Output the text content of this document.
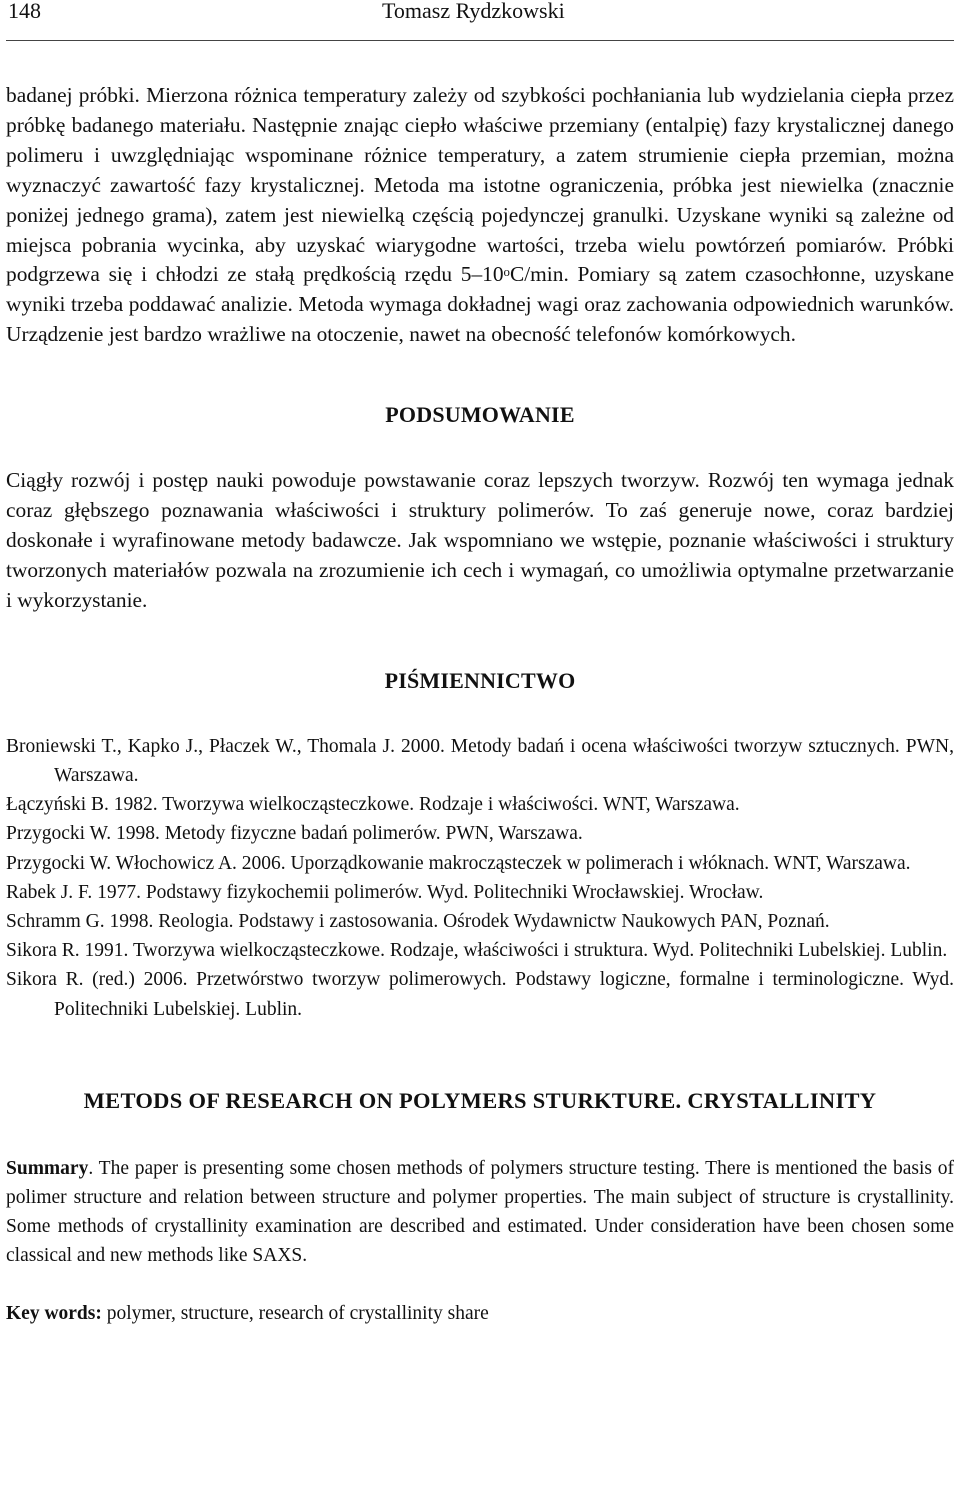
148	Tomasz Rydzkowski

badanej próbki. Mierzona różnica temperatury zależy od szybkości pochłaniania lub wydzielania ciepła przez próbkę badanego materiału. Następnie znając ciepło właściwe przemiany (entalpię) fazy krystalicznej danego polimeru i uwzględniając wspominane różnice temperatury, a zatem strumienie ciepła przemian, można wyznaczyć zawartość fazy krystalicznej. Metoda ma istotne ograniczenia, próbka jest niewielka (znacznie poniżej jednego grama), zatem jest niewielką częścią pojedynczej granulki. Uzyskane wyniki są zależne od miejsca pobrania wycinka, aby uzyskać wiarygodne wartości, trzeba wielu powtórzeń pomiarów. Próbki podgrzewa się i chłodzi ze stałą prędkością rzędu 5–10$^o$C/min. Pomiary są zatem czasochłonne, uzyskane wyniki trzeba poddawać analizie. Metoda wymaga dokładnej wagi oraz zachowania odpowiednich warunków. Urządzenie jest bardzo wrażliwe na otoczenie, nawet na obecność telefonów komórkowych.

PODSUMOWANIE

Ciągły rozwój i postęp nauki powoduje powstawanie coraz lepszych tworzyw. Rozwój ten wymaga jednak coraz głębszego poznawania właściwości i struktury polimerów. To zaś generuje nowe, coraz bardziej doskonałe i wyrafinowane metody badawcze. Jak wspomniano we wstępie, poznanie właściwości i struktury tworzonych materiałów pozwala na zrozumienie ich cech i wymagań, co umożliwia optymalne przetwarzanie i wykorzystanie.

PIŚMIENNICTWO

Broniewski T., Kapko J., Płaczek W., Thomala J. 2000. Metody badań i ocena właściwości tworzyw sztucznych. PWN, Warszawa.

Łączyński B. 1982. Tworzywa wielkocząsteczkowe. Rodzaje i właściwości. WNT, Warszawa.

Przygocki W. 1998. Metody fizyczne badań polimerów. PWN, Warszawa.

Przygocki W. Włochowicz A. 2006. Uporządkowanie makrocząsteczek w polimerach i włóknach. WNT, Warszawa.

Rabek J. F. 1977. Podstawy fizykochemii polimerów. Wyd. Politechniki Wrocławskiej. Wrocław.

Schramm G. 1998. Reologia. Podstawy i zastosowania. Ośrodek Wydawnictw Naukowych PAN, Poznań.

Sikora R. 1991. Tworzywa wielkocząsteczkowe. Rodzaje, właściwości i struktura. Wyd. Politechniki Lubelskiej. Lublin.

Sikora R. (red.) 2006. Przetwórstwo tworzyw polimerowych. Podstawy logiczne, formalne i terminologiczne. Wyd. Politechniki Lubelskiej. Lublin.

METODS OF RESEARCH ON POLYMERS STURKTURE. CRYSTALLINITY

Summary. The paper is presenting some chosen methods of polymers structure testing. There is mentioned the basis of polimer structure and relation between structure and polymer properties. The main subject of structure is crystallinity. Some methods of crystallinity examination are described and estimated. Under consideration have been chosen some classical and new methods like SAXS.

Key words: polymer, structure, research of crystallinity share
